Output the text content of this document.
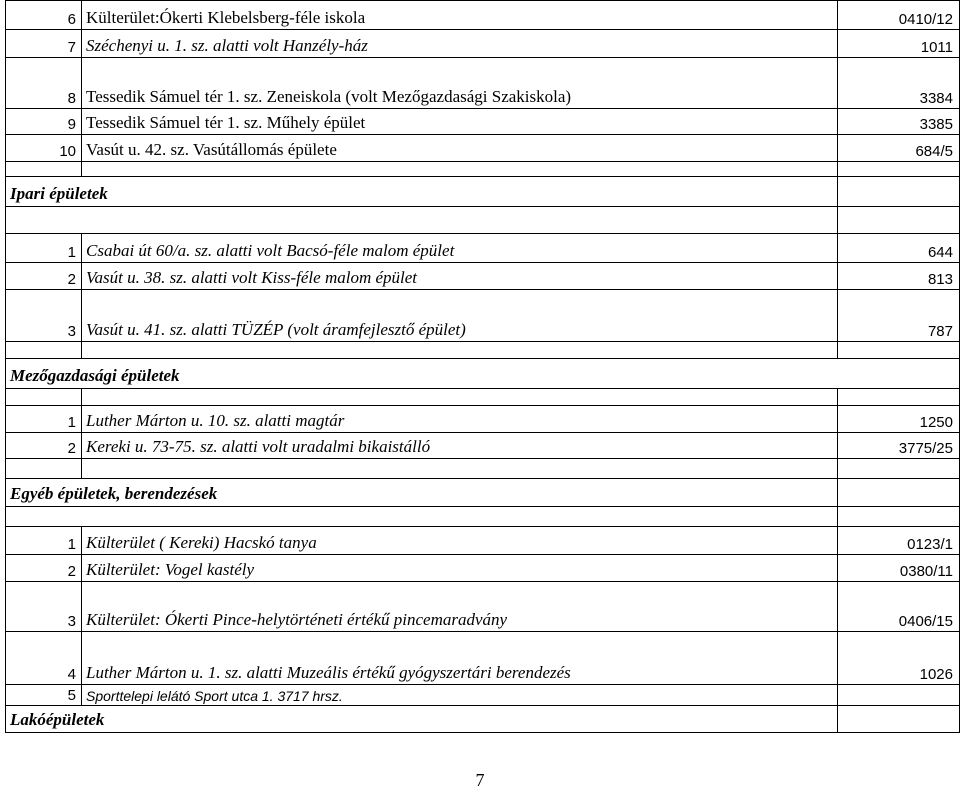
6	Külterület:Ókerti Klebelsberg-féle iskola	0410/12
7	Széchenyi u. 1. sz. alatti volt Hanzély-ház	1011
8	Tessedik Sámuel tér 1. sz. Zeneiskola (volt Mezőgazdasági Szakiskola)	3384
9	Tessedik Sámuel tér 1. sz. Műhely épület	3385
10	Vasút u. 42. sz. Vasútállomás épülete	684/5

Ipari épületek		

1	Csabai út 60/a. sz. alatti volt Bacsó-féle malom épület	644
2	Vasút u. 38. sz. alatti volt Kiss-féle malom épület	813
3	Vasút u. 41. sz. alatti TÜZÉP (volt áramfejlesztő épület)	787

Mezőgazdasági épületek		

1	Luther Márton u. 10. sz. alatti magtár	1250
2	Kereki u. 73-75. sz. alatti volt uradalmi bikaistálló	3775/25

Egyéb épületek, berendezések		

1	Külterület ( Kereki) Hacskó tanya	0123/1
2	Külterület: Vogel kastély	0380/11
3	Külterület: Ókerti Pince-helytörténeti értékű pincemaradvány	0406/15
4	Luther Márton u. 1. sz. alatti Muzeális értékű gyógyszertári berendezés	1026
5	Sporttelepi lelátó Sport utca 1. 3717 hrsz.	
Lakóépületek		
7
